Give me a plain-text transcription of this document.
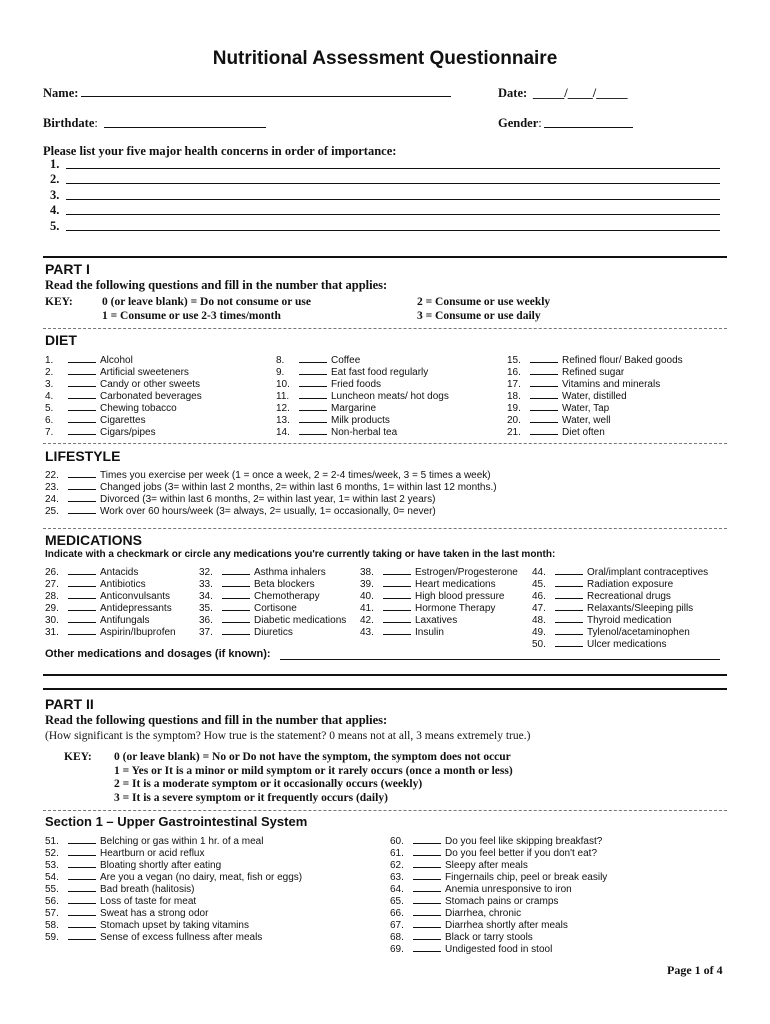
Nutritional Assessment Questionnaire
Name:	Date: _____/____/_____
Birthdate:	Gender:
Please list your five major health concerns in order of importance:
1.
2.
3.
4.
5.
PART I
Read the following questions and fill in the number that applies:
KEY:	0 (or leave blank) = Do not consume or use
1 = Consume or use 2-3 times/month
2 = Consume or use weekly
3 = Consume or use daily
DIET
1.	Alcohol
2.	Artificial sweeteners
3.	Candy or other sweets
4.	Carbonated beverages
5.	Chewing tobacco
6.	Cigarettes
7.	Cigars/pipes
8.	Coffee
9.	Eat fast food regularly
10.	Fried foods
11.	Luncheon meats/ hot dogs
12.	Margarine
13.	Milk products
14.	Non-herbal tea
15.	Refined flour/ Baked goods
16.	Refined sugar
17.	Vitamins and minerals
18.	Water, distilled
19.	Water, Tap
20.	Water, well
21.	Diet often
LIFESTYLE
22.	Times you exercise per week (1 = once a week, 2 = 2-4 times/week, 3 = 5 times a week)
23.	Changed jobs (3= within last 2 months, 2= within last 6 months, 1= within last 12 months.)
24.	Divorced (3= within last 6 months, 2= within last year, 1= within last 2 years)
25.	Work over 60 hours/week (3= always, 2= usually, 1= occasionally, 0= never)
MEDICATIONS
Indicate with a checkmark or circle any medications you're currently taking or have taken in the last month:
26.	Antacids
27.	Antibiotics
28.	Anticonvulsants
29.	Antidepressants
30.	Antifungals
31.	Aspirin/Ibuprofen
32.	Asthma inhalers
33.	Beta blockers
34.	Chemotherapy
35.	Cortisone
36.	Diabetic medications
37.	Diuretics
38.	Estrogen/Progesterone
39.	Heart medications
40.	High blood pressure
41.	Hormone Therapy
42.	Laxatives
43.	Insulin
44.	Oral/implant contraceptives
45.	Radiation exposure
46.	Recreational drugs
47.	Relaxants/Sleeping pills
48.	Thyroid medication
49.	Tylenol/acetaminophen
50.	Ulcer medications
Other medications and dosages (if known):
PART II
Read the following questions and fill in the number that applies:
(How significant is the symptom? How true is the statement? 0 means not at all, 3 means extremely true.)
KEY: 0 (or leave blank) = No or Do not have the symptom, the symptom does not occur
1 = Yes or It is a minor or mild symptom or it rarely occurs (once a month or less)
2 = It is a moderate symptom or it occasionally occurs (weekly)
3 = It is a severe symptom or it frequently occurs (daily)
Section 1 – Upper Gastrointestinal System
51.	Belching or gas within 1 hr. of a meal
52.	Heartburn or acid reflux
53.	Bloating shortly after eating
54.	Are you a vegan (no dairy, meat, fish or eggs)
55.	Bad breath (halitosis)
56.	Loss of taste for meat
57.	Sweat has a strong odor
58.	Stomach upset by taking vitamins
59.	Sense of excess fullness after meals
60.	Do you feel like skipping breakfast?
61.	Do you feel better if you don't eat?
62.	Sleepy after meals
63.	Fingernails chip, peel or break easily
64.	Anemia unresponsive to iron
65.	Stomach pains or cramps
66.	Diarrhea, chronic
67.	Diarrhea shortly after meals
68.	Black or tarry stools
69.	Undigested food in stool
Page 1 of 4
